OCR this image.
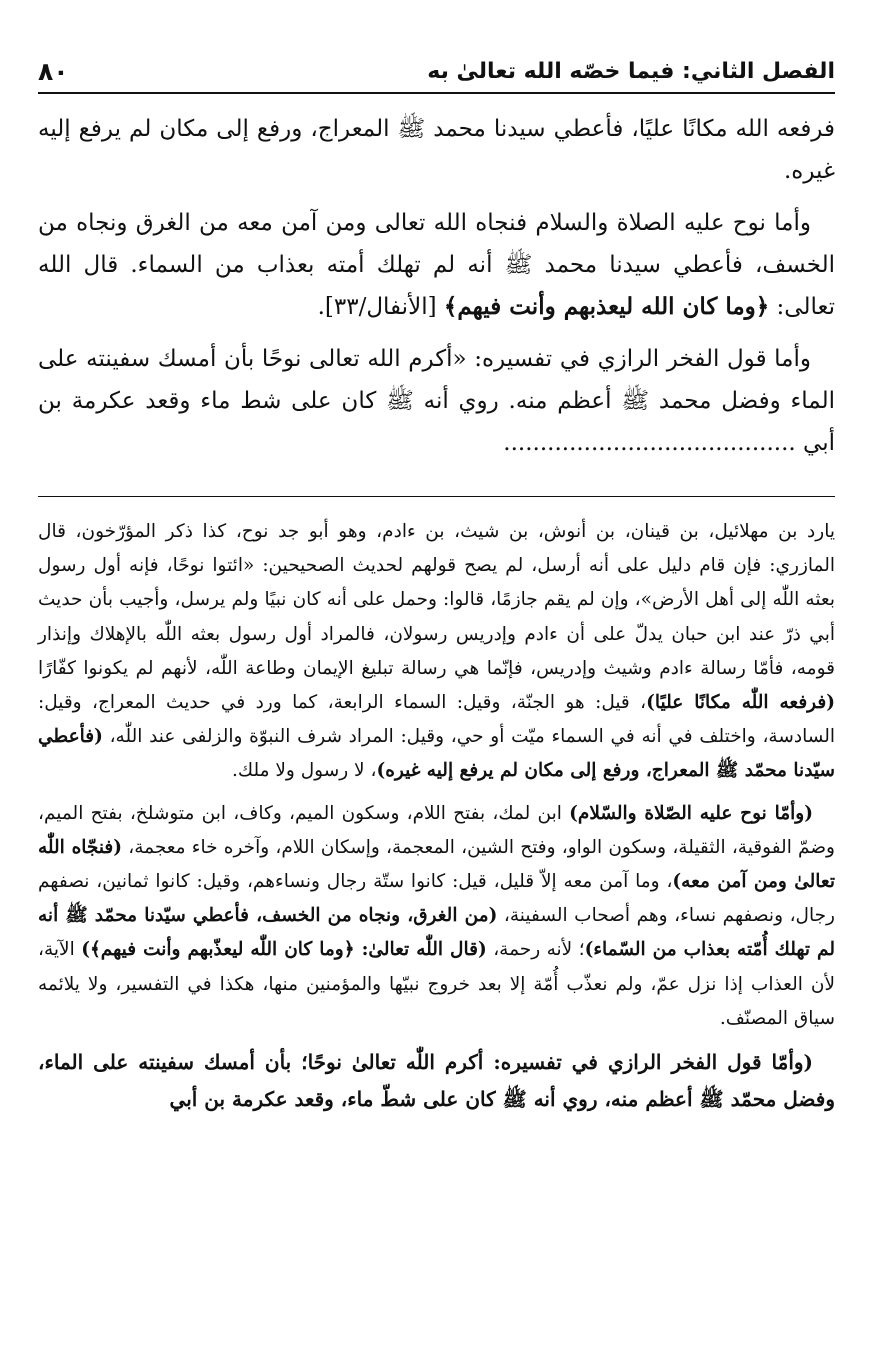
الفصل الثاني: فيما خصّه الله تعالىٰ به
٨٠

فرفعه الله مكانًا عليًا، فأعطي سيدنا محمد ﷺ المعراج، ورفع إلى مكان لم يرفع إليه غيره.

وأما نوح عليه الصلاة والسلام فنجاه الله تعالى ومن آمن معه من الغرق ونجاه من الخسف، فأعطي سيدنا محمد ﷺ أنه لم تهلك أمته بعذاب من السماء. قال الله تعالى: ﴿وما كان الله ليعذبهم وأنت فيهم﴾ [الأنفال/٣٣].

وأما قول الفخر الرازي في تفسيره: «أكرم الله تعالى نوحًا بأن أمسك سفينته على الماء وفضل محمد ﷺ أعظم منه. روي أنه ﷺ كان على شط ماء وقعد عكرمة بن أبي ........................................

يارد بن مهلائيل، بن قينان، بن أنوش، بن شيث، بن ءادم، وهو أبو جد نوح، كذا ذكر المؤرّخون، قال المازري: فإن قام دليل على أنه أرسل، لم يصح قولهم لحديث الصحيحين: «ائتوا نوحًا، فإنه أول رسول بعثه اللّٰه إلى أهل الأرض»، وإن لم يقم جازمًا، قالوا: وحمل على أنه كان نبيًا ولم يرسل، وأجيب بأن حديث أبي ذرّ عند ابن حبان يدلّ على أن ءادم وإدريس رسولان، فالمراد أول رسول بعثه اللّٰه بالإهلاك وإنذار قومه، فأمّا رسالة ءادم وشيث وإدريس، فإنّما هي رسالة تبليغ الإيمان وطاعة اللّٰه، لأنهم لم يكونوا كفّارًا (فرفعه اللّٰه مكانًا عليًا)، قيل: هو الجنّة، وقيل: السماء الرابعة، كما ورد في حديث المعراج، وقيل: السادسة، واختلف في أنه في السماء ميّت أو حي، وقيل: المراد شرف النبوّة والزلفى عند اللّٰه، (فأعطي سيّدنا محمّد ﷺ المعراج، ورفع إلى مكان لم يرفع إليه غيره)، لا رسول ولا ملك.

(وأمّا نوح عليه الصّلاة والسّلام) ابن لمك، بفتح اللام، وسكون الميم، وكاف، ابن متوشلخ، بفتح الميم، وضمّ الفوقية، الثقيلة، وسكون الواو، وفتح الشين، المعجمة، وإسكان اللام، وآخره خاء معجمة، (فنجّاه اللّٰه تعالىٰ ومن آمن معه)، وما آمن معه إلاّ قليل، قيل: كانوا ستّة رجال ونساءهم، وقيل: كانوا ثمانين، نصفهم رجال، ونصفهم نساء، وهم أصحاب السفينة، (من الغرق، ونجاه من الخسف، فأعطي سيّدنا محمّد ﷺ أنه لم تهلك أُمّته بعذاب من السّماء)؛ لأنه رحمة، (قال اللّٰه تعالىٰ: ﴿وما كان اللّٰه ليعذّبهم وأنت فيهم﴾) الآية، لأن العذاب إذا نزل عمّ، ولم نعذّب أُمّة إلا بعد خروج نبيّها والمؤمنين منها، هكذا في التفسير، ولا يلائمه سياق المصنّف.

(وأمّا قول الفخر الرازي في تفسيره: أكرم اللّٰه تعالىٰ نوحًا؛ بأن أمسك سفينته على الماء، وفضل محمّد ﷺ أعظم منه، روي أنه ﷺ كان على شطّ ماء، وقعد عكرمة بن أبي
